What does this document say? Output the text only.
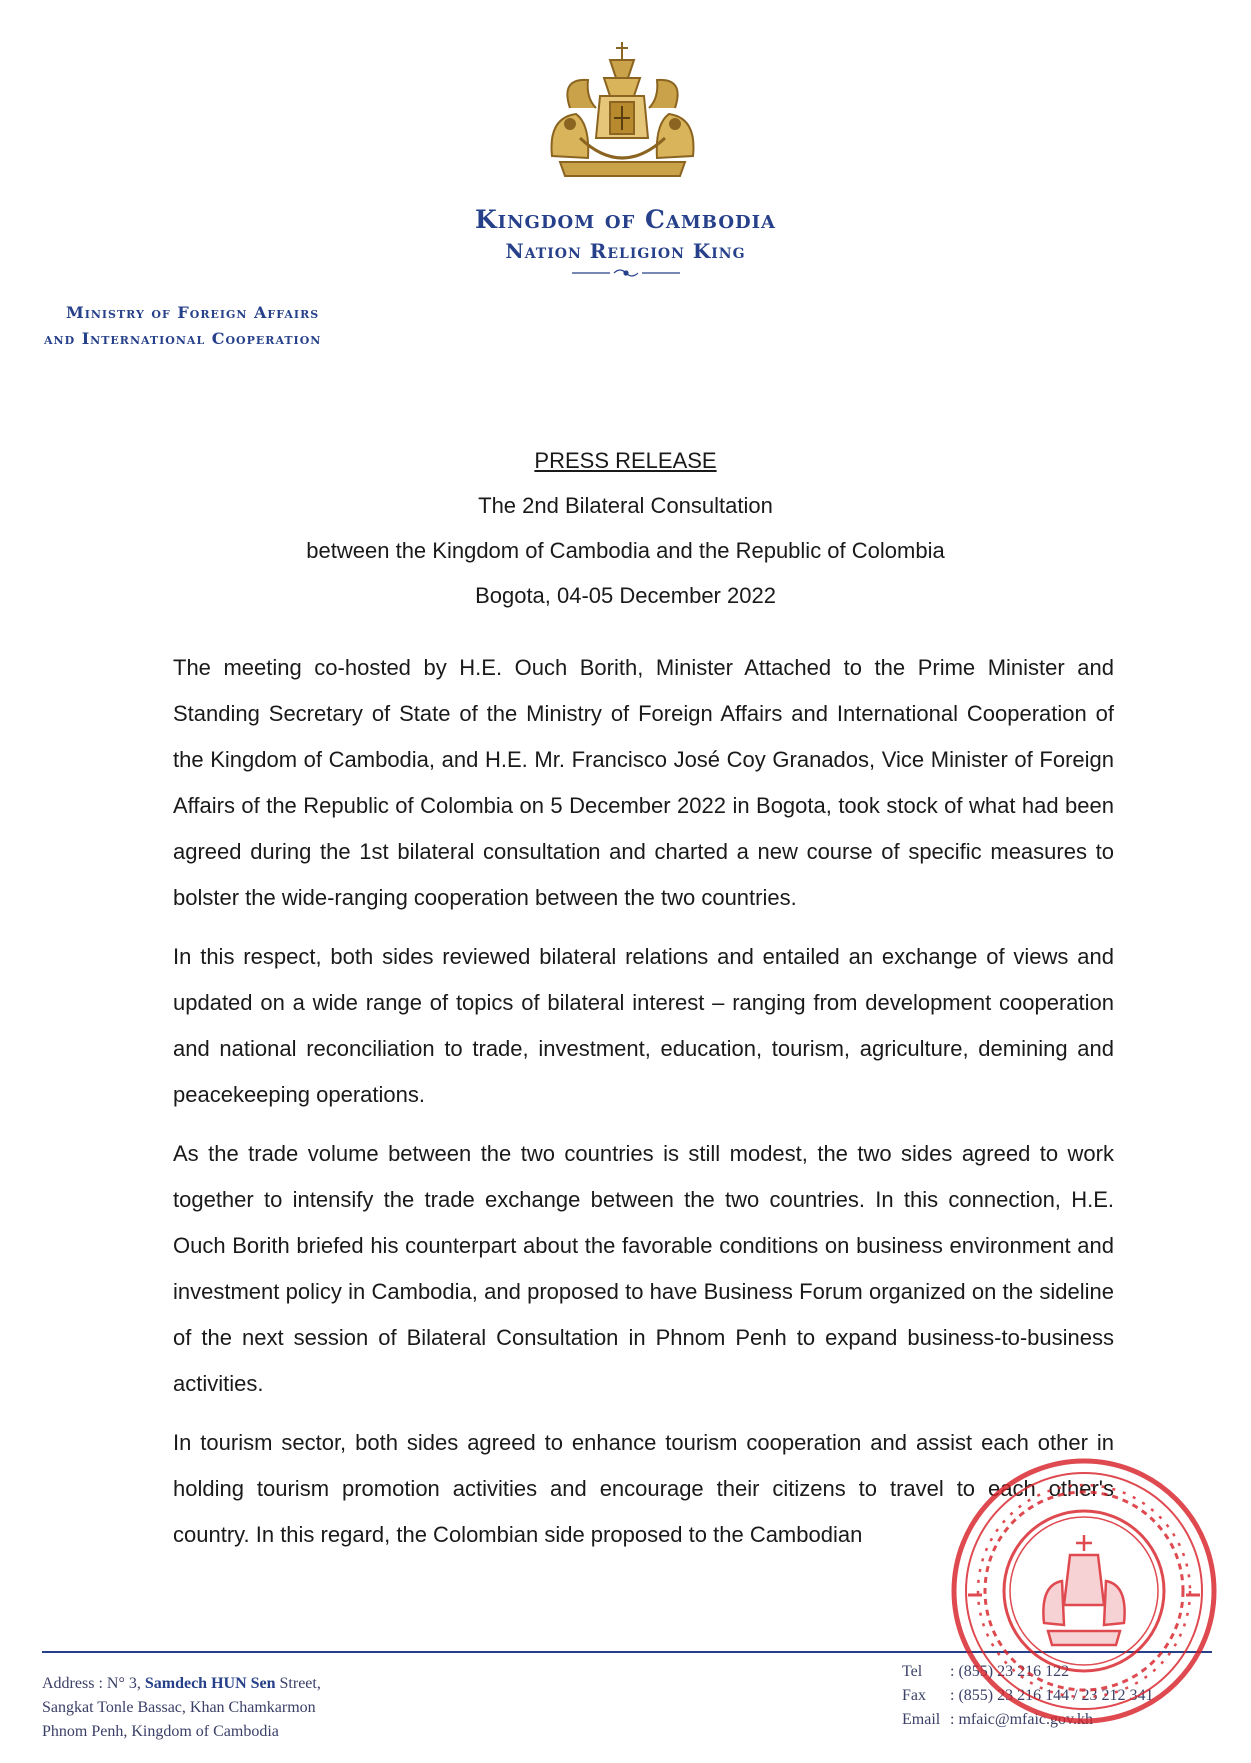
Kingdom of Cambodia
Nation Religion King
Ministry of Foreign Affairs
and International Cooperation
PRESS RELEASE
The 2nd Bilateral Consultation
between the Kingdom of Cambodia and the Republic of Colombia
Bogota, 04-05 December 2022

The meeting co-hosted by H.E. Ouch Borith, Minister Attached to the Prime Minister and Standing Secretary of State of the Ministry of Foreign Affairs and International Cooperation of the Kingdom of Cambodia, and H.E. Mr. Francisco José Coy Granados, Vice Minister of Foreign Affairs of the Republic of Colombia on 5 December 2022 in Bogota, took stock of what had been agreed during the 1st bilateral consultation and charted a new course of specific measures to bolster the wide-ranging cooperation between the two countries.

In this respect, both sides reviewed bilateral relations and entailed an exchange of views and updated on a wide range of topics of bilateral interest – ranging from development cooperation and national reconciliation to trade, investment, education, tourism, agriculture, demining and peacekeeping operations.

As the trade volume between the two countries is still modest, the two sides agreed to work together to intensify the trade exchange between the two countries. In this connection, H.E. Ouch Borith briefed his counterpart about the favorable conditions on business environment and investment policy in Cambodia, and proposed to have Business Forum organized on the sideline of the next session of Bilateral Consultation in Phnom Penh to expand business-to-business activities.

In tourism sector, both sides agreed to enhance tourism cooperation and assist each other in holding tourism promotion activities and encourage their citizens to travel to each other's country. In this regard, the Colombian side proposed to the Cambodian

Address : N° 3, Samdech HUN Sen Street,
Sangkat Tonle Bassac, Khan Chamkarmon
Phnom Penh, Kingdom of Cambodia
Tel : (855) 23 216 122
Fax : (855) 23 216 144 / 23 212 341
Email : mfaic@mfaic.gov.kh
